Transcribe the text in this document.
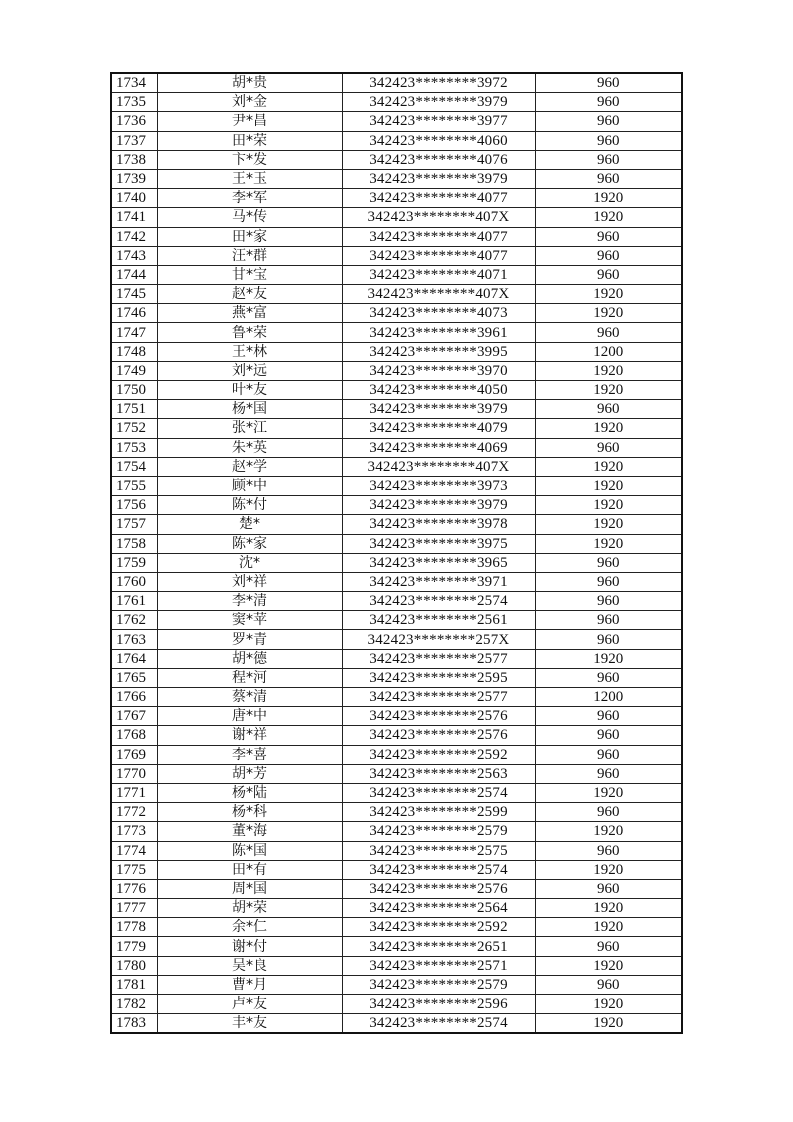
1734	胡*贵	342423********3972	960
1735	刘*金	342423********3979	960
1736	尹*昌	342423********3977	960
1737	田*荣	342423********4060	960
1738	卞*发	342423********4076	960
1739	王*玉	342423********3979	960
1740	李*军	342423********4077	1920
1741	马*传	342423********407X	1920
1742	田*家	342423********4077	960
1743	汪*群	342423********4077	960
1744	甘*宝	342423********4071	960
1745	赵*友	342423********407X	1920
1746	燕*富	342423********4073	1920
1747	鲁*荣	342423********3961	960
1748	王*林	342423********3995	1200
1749	刘*远	342423********3970	1920
1750	叶*友	342423********4050	1920
1751	杨*国	342423********3979	960
1752	张*江	342423********4079	1920
1753	朱*英	342423********4069	960
1754	赵*学	342423********407X	1920
1755	顾*中	342423********3973	1920
1756	陈*付	342423********3979	1920
1757	楚*	342423********3978	1920
1758	陈*家	342423********3975	1920
1759	沈*	342423********3965	960
1760	刘*祥	342423********3971	960
1761	李*清	342423********2574	960
1762	窦*苹	342423********2561	960
1763	罗*青	342423********257X	960
1764	胡*德	342423********2577	1920
1765	程*河	342423********2595	960
1766	蔡*清	342423********2577	1200
1767	唐*中	342423********2576	960
1768	谢*祥	342423********2576	960
1769	李*喜	342423********2592	960
1770	胡*芳	342423********2563	960
1771	杨*陆	342423********2574	1920
1772	杨*科	342423********2599	960
1773	董*海	342423********2579	1920
1774	陈*国	342423********2575	960
1775	田*有	342423********2574	1920
1776	周*国	342423********2576	960
1777	胡*荣	342423********2564	1920
1778	余*仁	342423********2592	1920
1779	谢*付	342423********2651	960
1780	吴*良	342423********2571	1920
1781	曹*月	342423********2579	960
1782	卢*友	342423********2596	1920
1783	丰*友	342423********2574	1920
